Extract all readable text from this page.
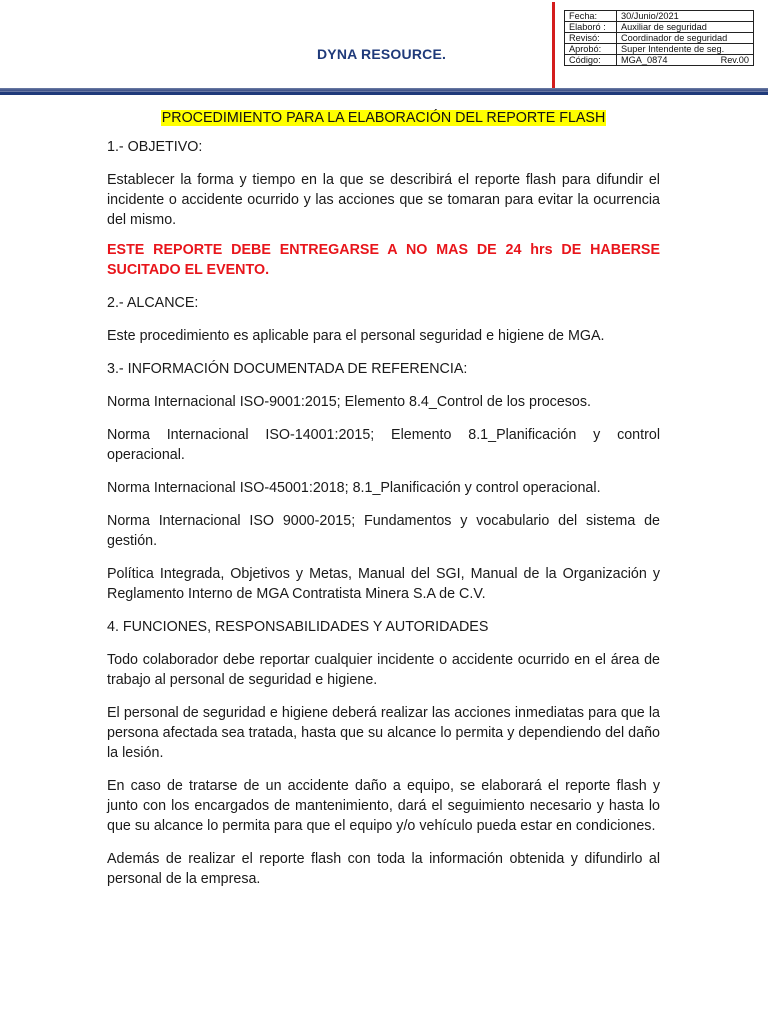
DYNA RESOURCE.
Fecha:	30/Junio/2021
Elaboró :	Auxiliar de seguridad
Revisó:	Coordinador de seguridad
Aprobó:	Super Intendente de seg.
Código:	MGA_0874 Rev.00
PROCEDIMIENTO PARA LA ELABORACIÓN DEL REPORTE FLASH

1.- OBJETIVO:

Establecer la forma y tiempo en la que se describirá el reporte flash para difundir el incidente o accidente ocurrido y las acciones que se tomaran para evitar la ocurrencia del mismo.

ESTE REPORTE DEBE ENTREGARSE A NO MAS DE 24 hrs DE HABERSE SUCITADO EL EVENTO.

2.- ALCANCE:

Este procedimiento es aplicable para el personal seguridad e higiene de MGA.

3.- INFORMACIÓN DOCUMENTADA DE REFERENCIA:

Norma Internacional ISO-9001:2015; Elemento 8.4_Control de los procesos.

Norma Internacional ISO-14001:2015; Elemento 8.1_Planificación y control operacional.

Norma Internacional ISO-45001:2018; 8.1_Planificación y control operacional.

Norma Internacional ISO 9000-2015; Fundamentos y vocabulario del sistema de gestión.

Política Integrada, Objetivos y Metas, Manual del SGI, Manual de la Organización y Reglamento Interno de MGA Contratista Minera S.A de C.V.

4. FUNCIONES, RESPONSABILIDADES Y AUTORIDADES

Todo colaborador debe reportar cualquier incidente o accidente ocurrido en el área de trabajo al personal de seguridad e higiene.

El personal de seguridad e higiene deberá realizar las acciones inmediatas para que la persona afectada sea tratada, hasta que su alcance lo permita y dependiendo del daño la lesión.

En caso de tratarse de un accidente daño a equipo, se elaborará el reporte flash y junto con los encargados de mantenimiento, dará el seguimiento necesario y hasta lo que su alcance lo permita para que el equipo y/o vehículo pueda estar en condiciones.

Además de realizar el reporte flash con toda la información obtenida y difundirlo al personal de la empresa.
